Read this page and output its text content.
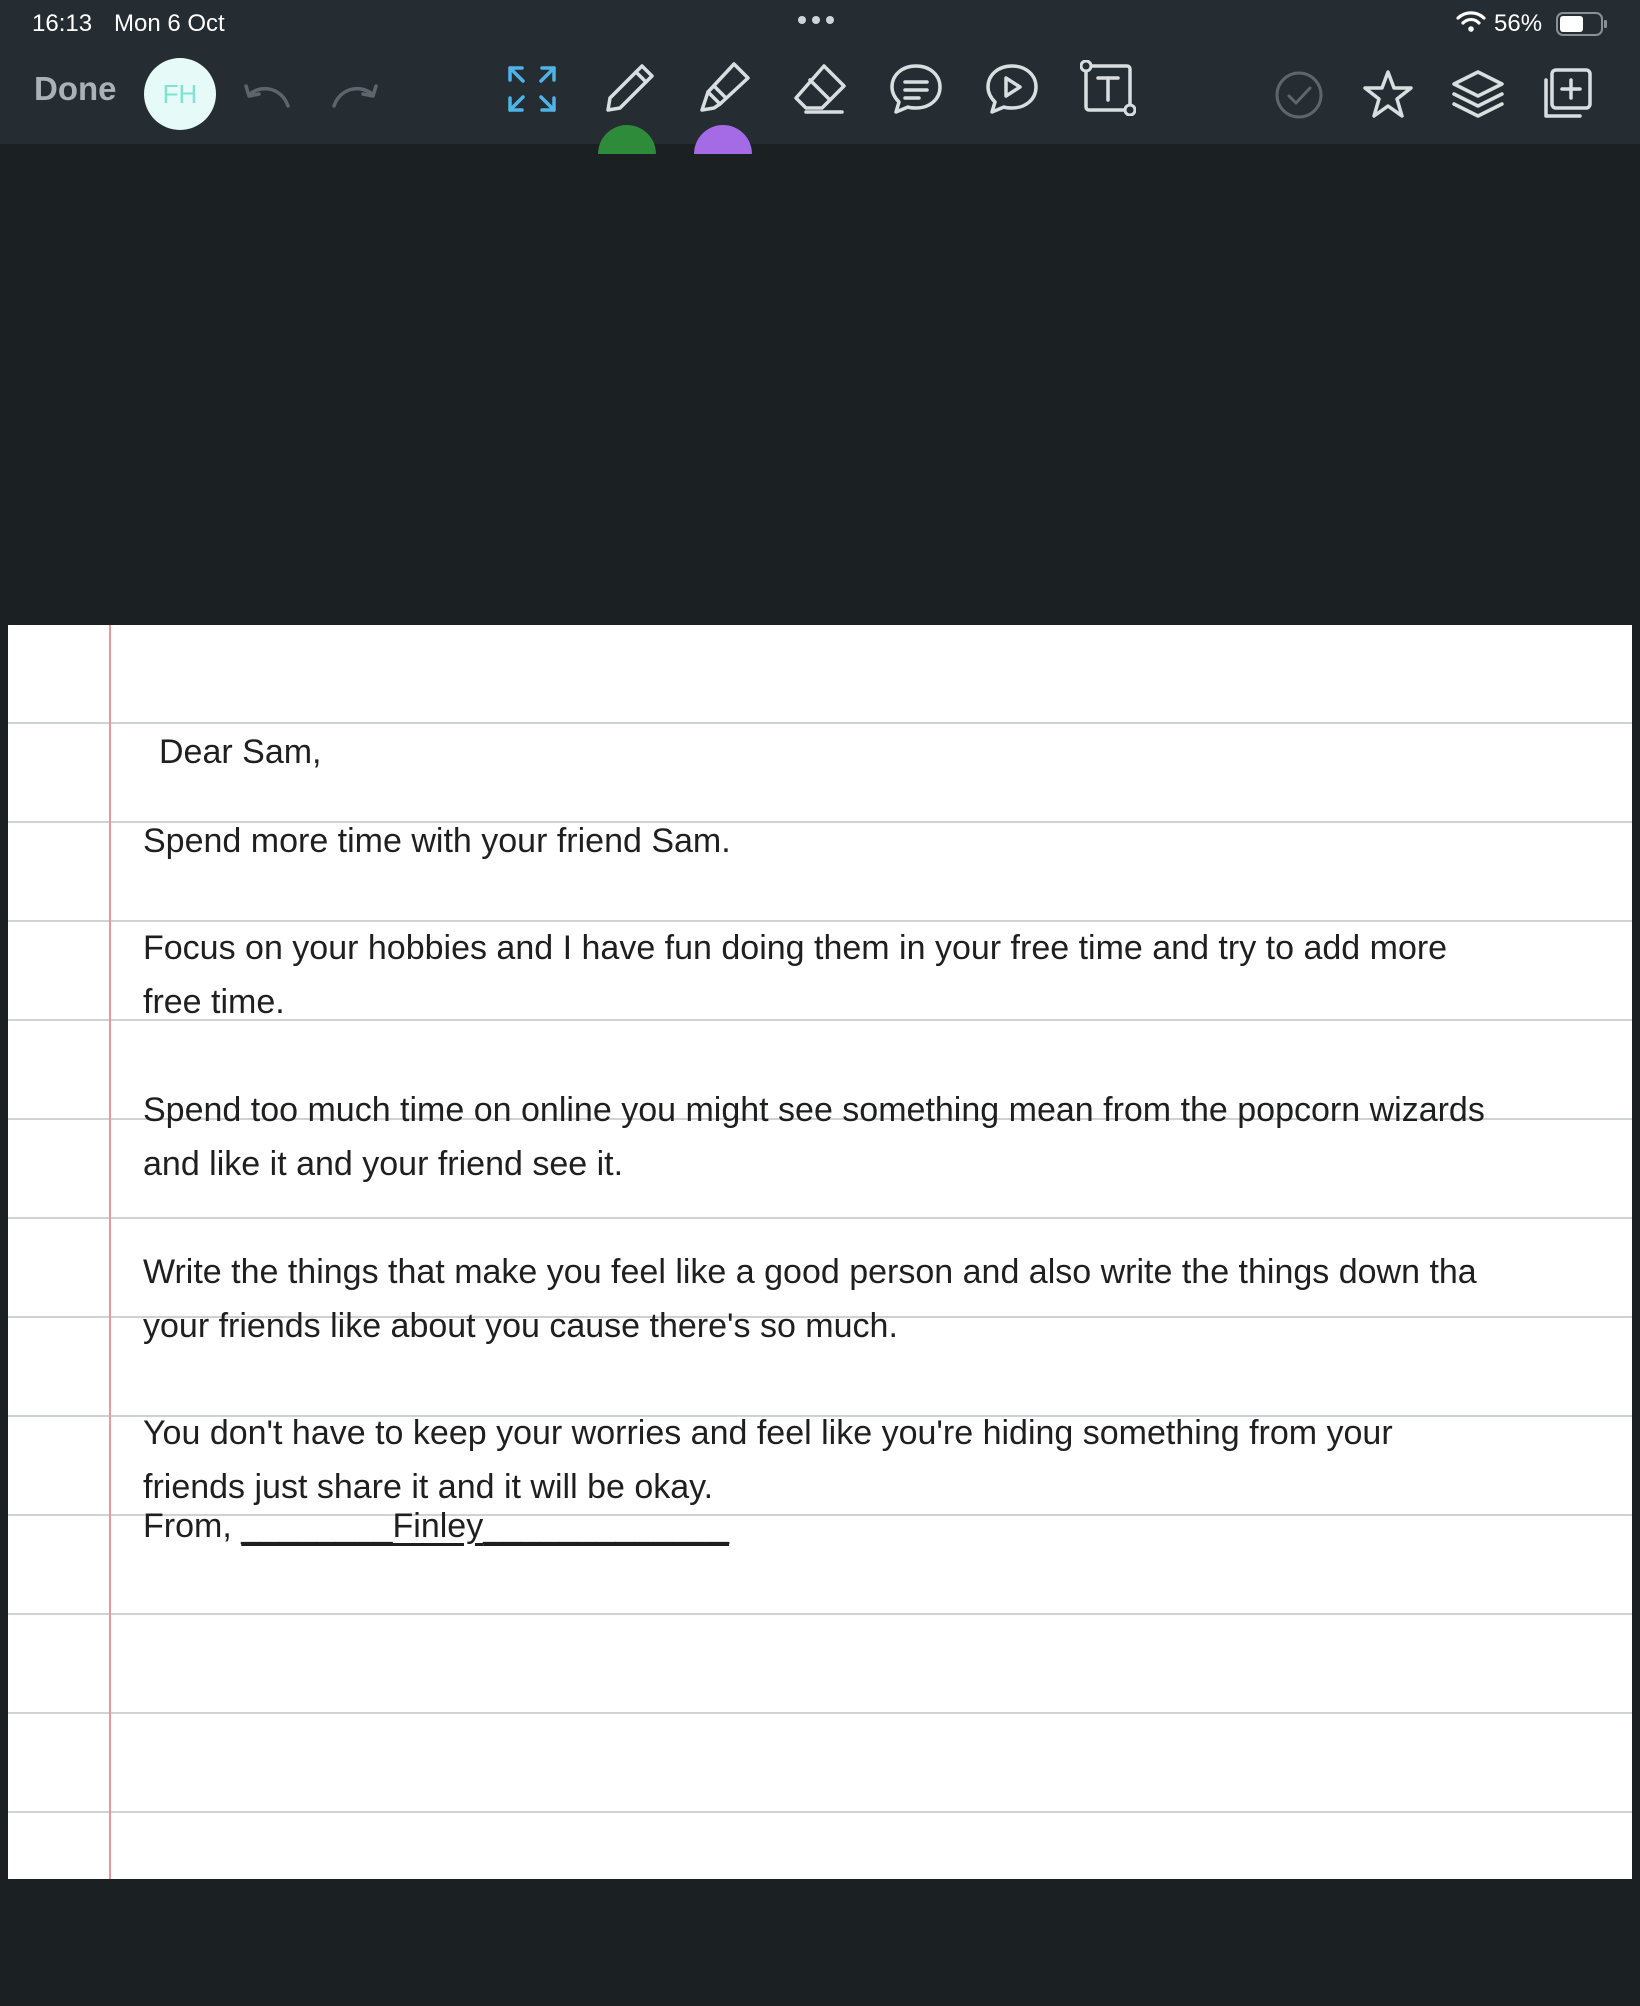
16:13 Mon 6 Oct	56%
Done FH
Dear Sam,
Spend more time with your friend Sam.
Focus on your hobbies and I have fun doing them in your free time and try to add more
free time.
Spend too much time on online you might see something mean from the popcorn wizards
and like it and your friend see it.
Write the things that make you feel like a good person and also write the things down tha
your friends like about you cause there's so much.
You don't have to keep your worries and feel like you're hiding something from your
friends just share it and it will be okay.
From, ________Finley_____________
